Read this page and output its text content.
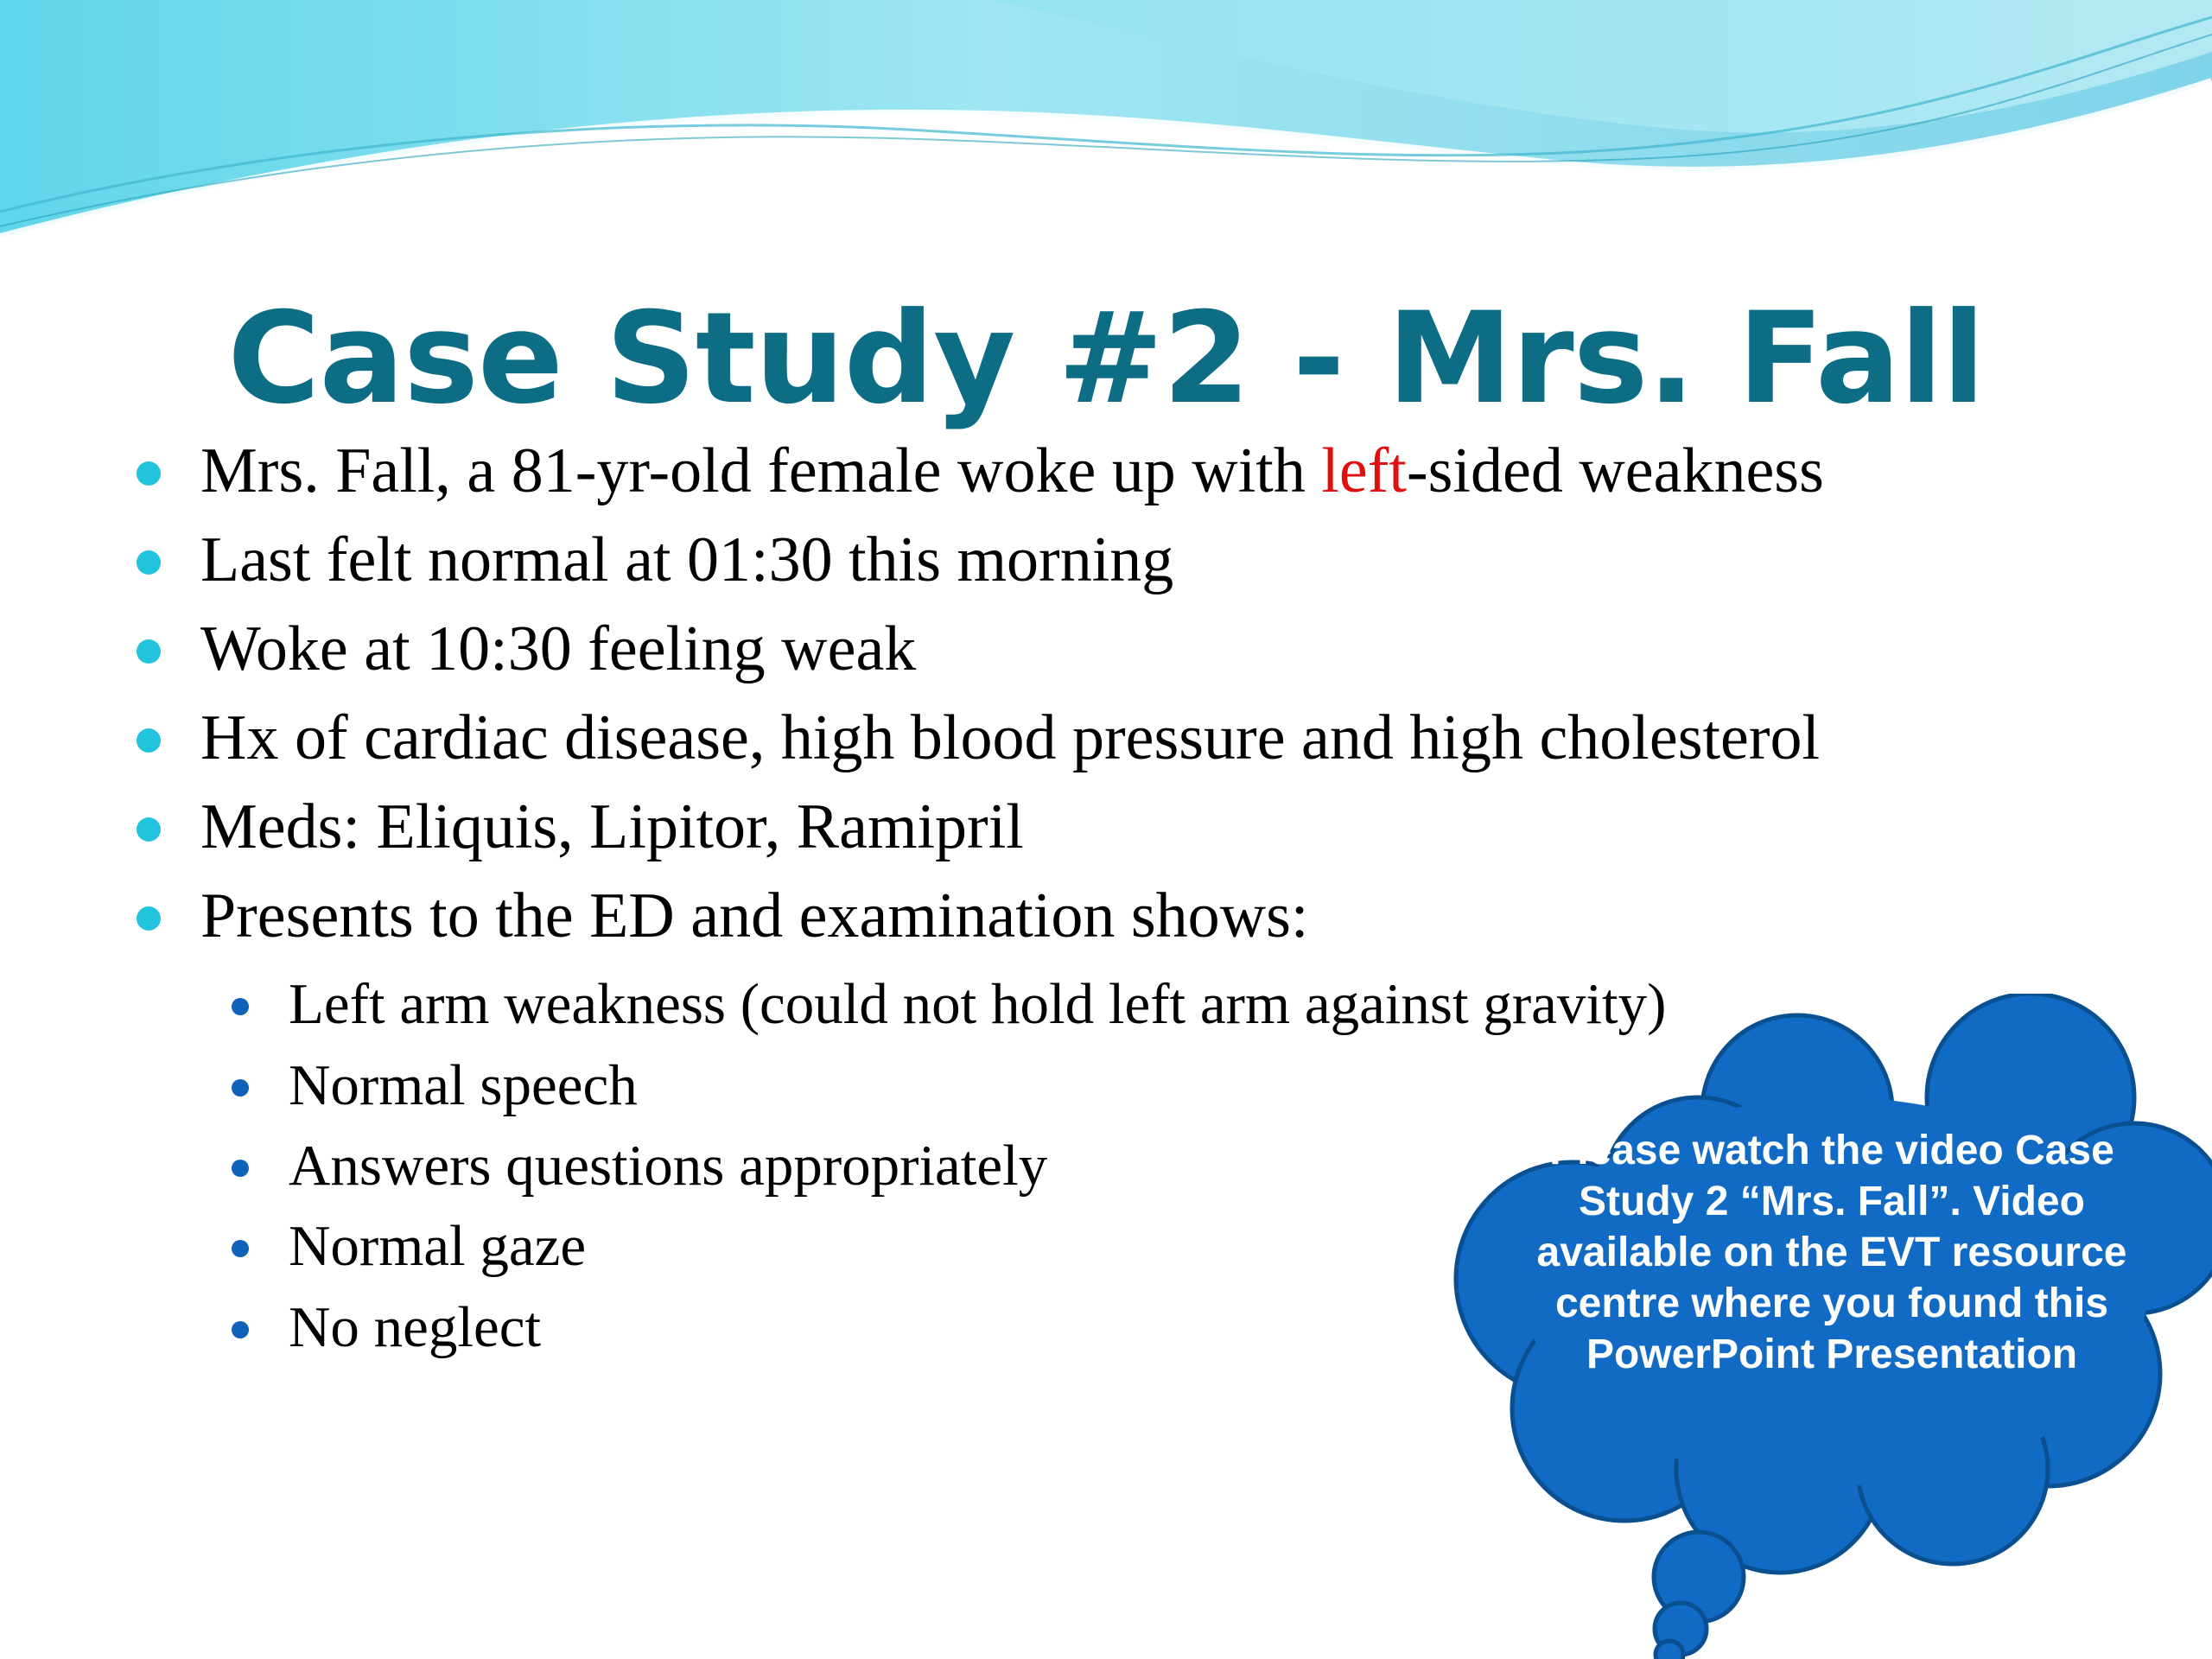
Case Study #2 - Mrs. Fall
Mrs. Fall, a 81-yr-old female woke up with left-sided weakness
Last felt normal at 01:30 this morning
Woke at 10:30 feeling weak
Hx of cardiac disease, high blood pressure and high cholesterol
Meds: Eliquis, Lipitor, Ramipril
Presents to the ED and examination shows:
Left arm weakness (could not hold left arm against gravity)
Normal speech
Answers questions appropriately
Normal gaze
No neglect
Please watch the video Case Study 2 “Mrs. Fall”. Video available on the EVT resource centre where you found this PowerPoint Presentation
